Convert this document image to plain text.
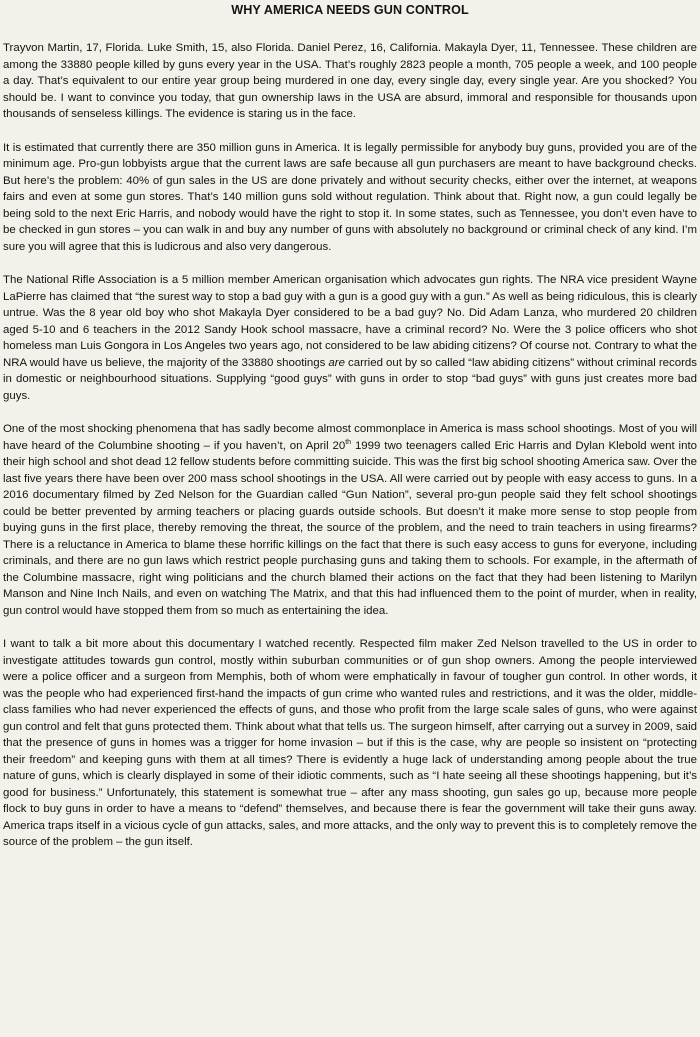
WHY AMERICA NEEDS GUN CONTROL

Trayvon Martin, 17, Florida. Luke Smith, 15, also Florida. Daniel Perez, 16, California. Makayla Dyer, 11, Tennessee. These children are among the 33880 people killed by guns every year in the USA. That’s roughly 2823 people a month, 705 people a week, and 100 people a day. That’s equivalent to our entire year group being murdered in one day, every single day, every single year. Are you shocked? You should be. I want to convince you today, that gun ownership laws in the USA are absurd, immoral and responsible for thousands upon thousands of senseless killings. The evidence is staring us in the face.

It is estimated that currently there are 350 million guns in America. It is legally permissible for anybody buy guns, provided you are of the minimum age. Pro-gun lobbyists argue that the current laws are safe because all gun purchasers are meant to have background checks. But here’s the problem: 40% of gun sales in the US are done privately and without security checks, either over the internet, at weapons fairs and even at some gun stores. That’s 140 million guns sold without regulation. Think about that. Right now, a gun could legally be being sold to the next Eric Harris, and nobody would have the right to stop it. In some states, such as Tennessee, you don’t even have to be checked in gun stores – you can walk in and buy any number of guns with absolutely no background or criminal check of any kind. I’m sure you will agree that this is ludicrous and also very dangerous.

The National Rifle Association is a 5 million member American organisation which advocates gun rights. The NRA vice president Wayne LaPierre has claimed that “the surest way to stop a bad guy with a gun is a good guy with a gun.” As well as being ridiculous, this is clearly untrue. Was the 8 year old boy who shot Makayla Dyer considered to be a bad guy? No. Did Adam Lanza, who murdered 20 children aged 5-10 and 6 teachers in the 2012 Sandy Hook school massacre, have a criminal record? No. Were the 3 police officers who shot homeless man Luis Gongora in Los Angeles two years ago, not considered to be law abiding citizens? Of course not. Contrary to what the NRA would have us believe, the majority of the 33880 shootings are carried out by so called “law abiding citizens” without criminal records in domestic or neighbourhood situations. Supplying “good guys” with guns in order to stop “bad guys” with guns just creates more bad guys.

One of the most shocking phenomena that has sadly become almost commonplace in America is mass school shootings. Most of you will have heard of the Columbine shooting – if you haven’t, on April 20th 1999 two teenagers called Eric Harris and Dylan Klebold went into their high school and shot dead 12 fellow students before committing suicide. This was the first big school shooting America saw. Over the last five years there have been over 200 mass school shootings in the USA. All were carried out by people with easy access to guns. In a 2016 documentary filmed by Zed Nelson for the Guardian called “Gun Nation”, several pro-gun people said they felt school shootings could be better prevented by arming teachers or placing guards outside schools. But doesn’t it make more sense to stop people from buying guns in the first place, thereby removing the threat, the source of the problem, and the need to train teachers in using firearms? There is a reluctance in America to blame these horrific killings on the fact that there is such easy access to guns for everyone, including criminals, and there are no gun laws which restrict people purchasing guns and taking them to schools. For example, in the aftermath of the Columbine massacre, right wing politicians and the church blamed their actions on the fact that they had been listening to Marilyn Manson and Nine Inch Nails, and even on watching The Matrix, and that this had influenced them to the point of murder, when in reality, gun control would have stopped them from so much as entertaining the idea.

I want to talk a bit more about this documentary I watched recently. Respected film maker Zed Nelson travelled to the US in order to investigate attitudes towards gun control, mostly within suburban communities or of gun shop owners. Among the people interviewed were a police officer and a surgeon from Memphis, both of whom were emphatically in favour of tougher gun control. In other words, it was the people who had experienced first-hand the impacts of gun crime who wanted rules and restrictions, and it was the older, middle-class families who had never experienced the effects of guns, and those who profit from the large scale sales of guns, who were against gun control and felt that guns protected them. Think about what that tells us. The surgeon himself, after carrying out a survey in 2009, said that the presence of guns in homes was a trigger for home invasion – but if this is the case, why are people so insistent on “protecting their freedom” and keeping guns with them at all times? There is evidently a huge lack of understanding among people about the true nature of guns, which is clearly displayed in some of their idiotic comments, such as “I hate seeing all these shootings happening, but it’s good for business.” Unfortunately, this statement is somewhat true – after any mass shooting, gun sales go up, because more people flock to buy guns in order to have a means to “defend” themselves, and because there is fear the government will take their guns away. America traps itself in a vicious cycle of gun attacks, sales, and more attacks, and the only way to prevent this is to completely remove the source of the problem – the gun itself.
